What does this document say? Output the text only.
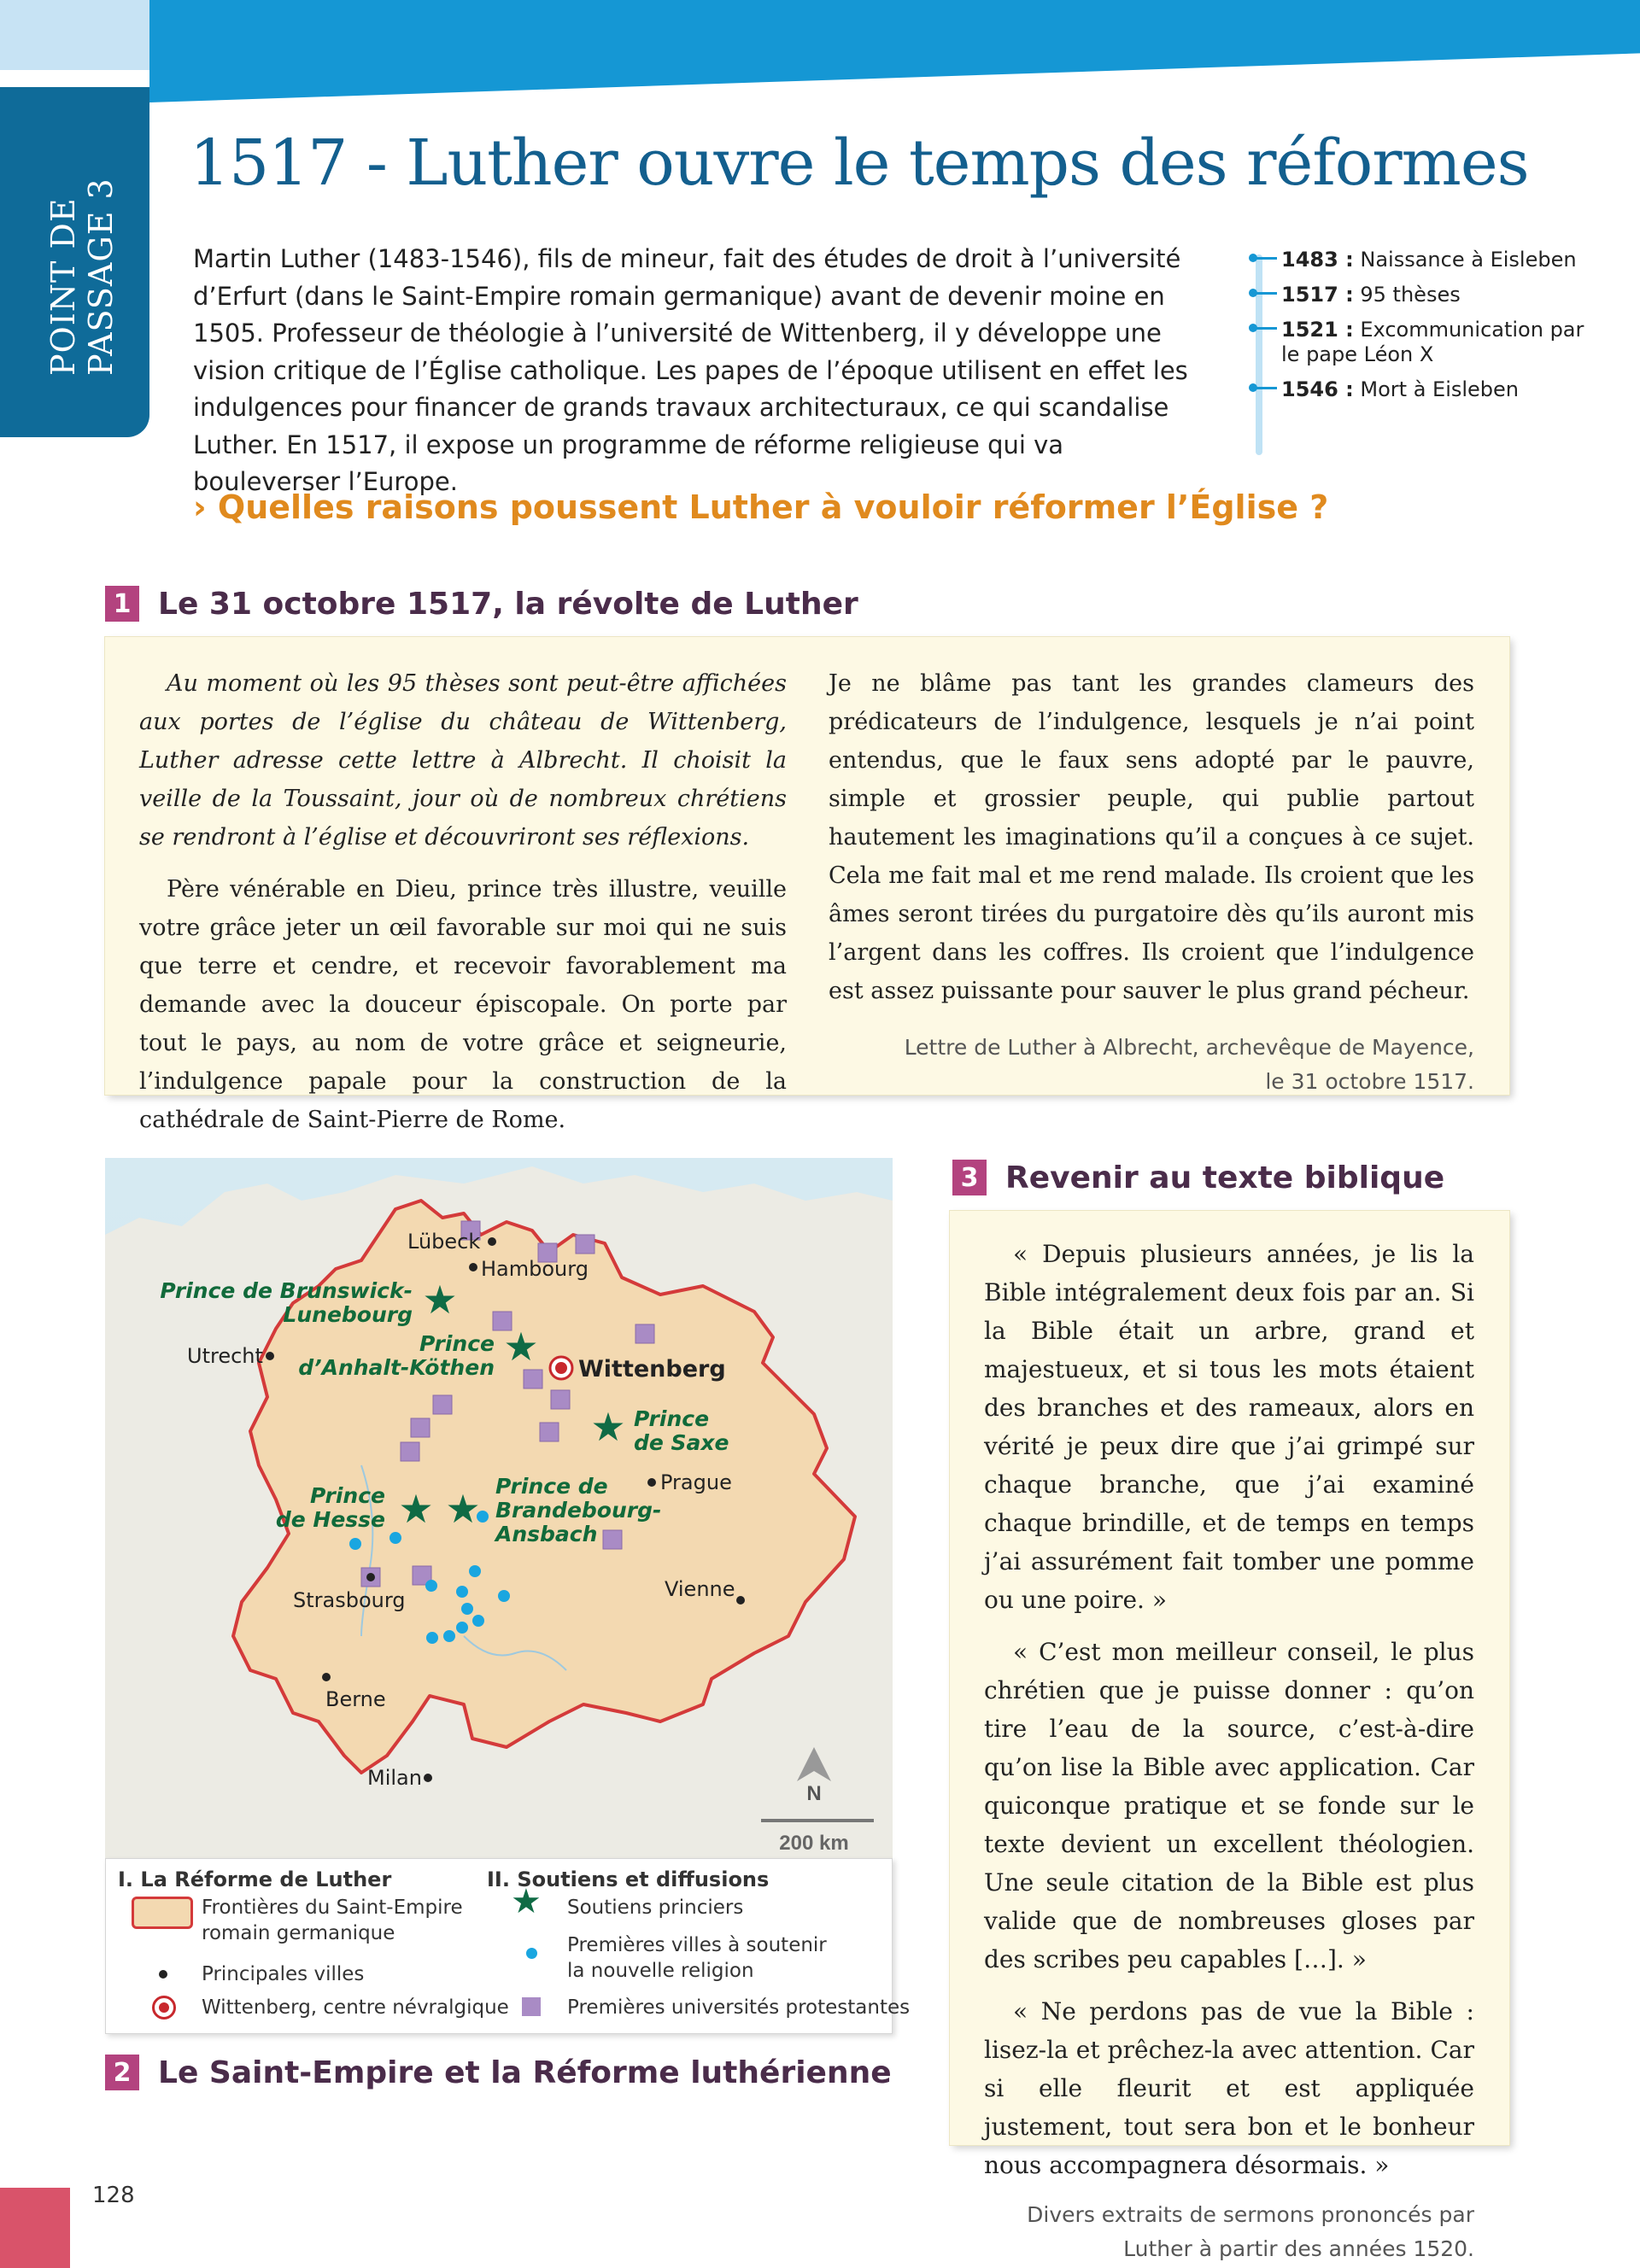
POINT DE PASSAGE 3
1517 - Luther ouvre le temps des réformes

Martin Luther (1483-1546), fils de mineur, fait des études de droit à l’université d’Erfurt (dans le Saint-Empire romain germanique) avant de devenir moine en 1505. Professeur de théologie à l’université de Wittenberg, il y développe une vision critique de l’Église catholique. Les papes de l’époque utilisent en effet les indulgences pour financer de grands travaux architecturaux, ce qui scandalise Luther. En 1517, il expose un programme de réforme religieuse qui va bouleverser l’Europe.

1483 : Naissance à Eisleben
1517 : 95 thèses
1521 : Excommunication par le pape Léon X
1546 : Mort à Eisleben
› Quelles raisons poussent Luther à vouloir réformer l’Église ?
1 Le 31 octobre 1517, la révolte de Luther

Au moment où les 95 thèses sont peut-être affichées aux portes de l’église du château de Wittenberg, Luther adresse cette lettre à Albrecht. Il choisit la veille de la Toussaint, jour où de nombreux chrétiens se rendront à l’église et découvriront ses réflexions.

Père vénérable en Dieu, prince très illustre, veuille votre grâce jeter un œil favorable sur moi qui ne suis que terre et cendre, et recevoir favorablement ma demande avec la douceur épiscopale. On porte par tout le pays, au nom de votre grâce et seigneurie, l’indulgence papale pour la construction de la cathédrale de Saint-Pierre de Rome.

Je ne blâme pas tant les grandes clameurs des prédicateurs de l’indulgence, lesquels je n’ai point entendus, que le faux sens adopté par le pauvre, simple et grossier peuple, qui publie partout hautement les imaginations qu’il a conçues à ce sujet. Cela me fait mal et me rend malade. Ils croient que les âmes seront tirées du purgatoire dès qu’ils auront mis l’argent dans les coffres. Ils croient que l’indulgence est assez puissante pour sauver le plus grand pécheur.

Lettre de Luther à Albrecht, archevêque de Mayence,
le 31 octobre 1517.
N
200 km
★
★
★
★ ★
Lübeck
Hambourg
Utrecht	Wittenberg
Prague
Strasbourg	Vienne
Berne
Milan
Prince de Brunswick-
Lunebourg
Prince
d’Anhalt-Köthen
Prince
de Saxe
Prince
de Hesse
Prince de
Brandebourg-
Ansbach
I. La Réforme de Luther	II. Soutiens et diffusions
Frontières du Saint-Empire
romain germanique
Principales villes
Wittenberg, centre névralgique
★ Soutiens princiers
Premières villes à soutenir
la nouvelle religion
Premières universités protestantes
2 Le Saint-Empire et la Réforme luthérienne
3 Revenir au texte biblique

« Depuis plusieurs années, je lis la Bible intégralement deux fois par an. Si la Bible était un arbre, grand et majestueux, et si tous les mots étaient des branches et des rameaux, alors en vérité je peux dire que j’ai grimpé sur chaque branche, que j’ai examiné chaque brindille, et de temps en temps j’ai assurément fait tomber une pomme ou une poire. »

« C’est mon meilleur conseil, le plus chrétien que je puisse donner : qu’on tire l’eau de la source, c’est-à-dire qu’on lise la Bible avec application. Car quiconque pratique et se fonde sur le texte devient un excellent théologien. Une seule citation de la Bible est plus valide que de nombreuses gloses par des scribes peu capables […]. »

« Ne perdons pas de vue la Bible : lisez-la et prêchez-la avec attention. Car si elle fleurit et est appliquée justement, tout sera bon et le bonheur nous accompagnera désormais. »

Divers extraits de sermons prononcés par
Luther à partir des années 1520.
128
